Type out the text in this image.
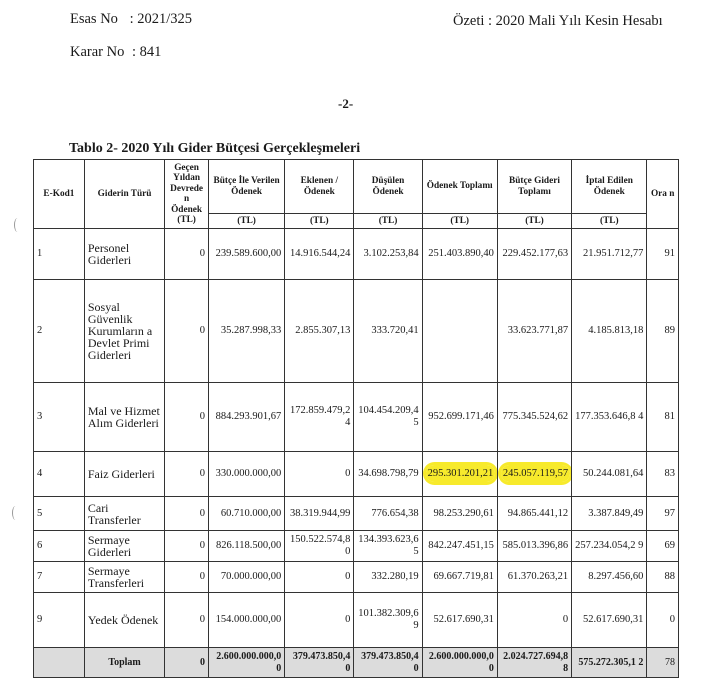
Esas No : 2021/325	Özeti : 2020 Mali Yılı Kesin Hesabı
Karar No : 841
-2-
Tablo 2- 2020 Yılı Gider Bütçesi Gerçekleşmeleri
E-Kod1	Giderin Türü	Geçen Yıldan Devrede n Ödenek (TL)	Bütçe İle Verilen Ödenek	Eklenen / Ödenek	Düşülen Ödenek	Ödenek Toplamı	Bütçe Gideri Toplamı	İptal Edilen Ödenek	Ora n
			(TL)	(TL)	(TL)	(TL)	(TL)	(TL)	
1	Personel Giderleri	0	239.589.600,00	14.916.544,24	3.102.253,84	251.403.890,40	229.452.177,63	21.951.712,77	91
2	Sosyal Güvenlik Kurumların a Devlet Primi Giderleri	0	35.287.998,33	2.855.307,13	333.720,41		33.623.771,87	4.185.813,18	89
3	Mal ve Hizmet Alım Giderleri	0	884.293.901,67	172.859.479,2 4	104.454.209,4 5	952.699.171,46	775.345.524,62	177.353.646,8 4	81
4	Faiz Giderleri	0	330.000.000,00	0	34.698.798,79	295.301.201,21	245.057.119,57	50.244.081,64	83
5	Cari Transferler	0	60.710.000,00	38.319.944,99	776.654,38	98.253.290,61	94.865.441,12	3.387.849,49	97
6	Sermaye Giderleri	0	826.118.500,00	150.522.574,8 0	134.393.623,6 5	842.247.451,15	585.013.396,86	257.234.054,2 9	69
7	Sermaye Transferleri	0	70.000.000,00	0	332.280,19	69.667.719,81	61.370.263,21	8.297.456,60	88
9	Yedek Ödenek	0	154.000.000,00	0	101.382.309,6 9	52.617.690,31	0	52.617.690,31	0
	Toplam	0	2.600.000.000,0 0	379.473.850,4 0	379.473.850,4 0	2.600.000.000,0 0	2.024.727.694,8 8	575.272.305,1 2	78
